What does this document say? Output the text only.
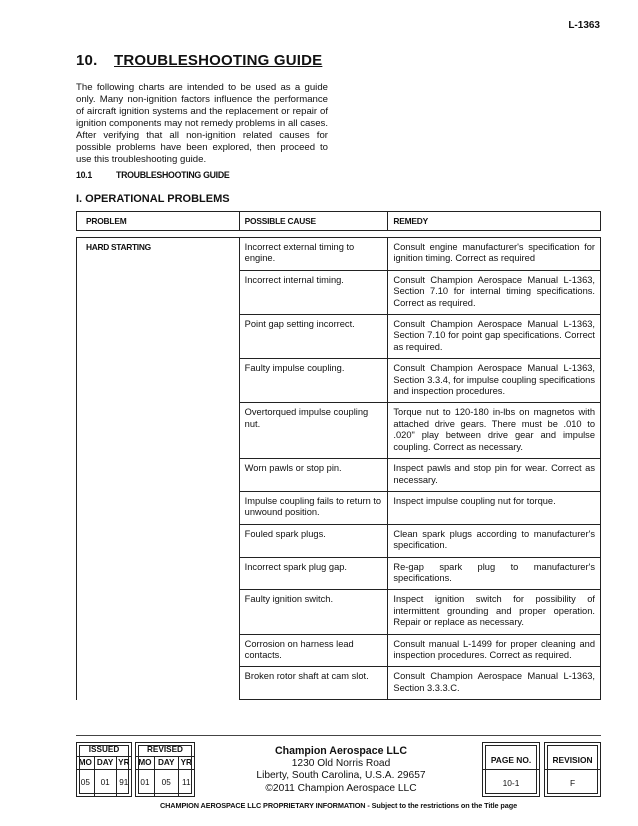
L-1363
10. TROUBLESHOOTING GUIDE

The following charts are intended to be used as a guide only. Many non-ignition factors influence the performance of aircraft ignition systems and the replacement or repair of ignition components may not remedy problems in all cases. After verifying that all non-ignition related causes for possible problems have been explored, then proceed to use this troubleshooting guide.

10.1	TROUBLESHOOTING GUIDE
I. OPERATIONAL PROBLEMS
PROBLEM	POSSIBLE CAUSE	REMEDY

HARD STARTING	Incorrect external timing to engine.	Consult engine manufacturer's specification for ignition timing. Correct as required
	Incorrect internal timing.	Consult Champion Aerospace Manual L-1363, Section 7.10 for internal timing specifications. Correct as required.
	Point gap setting incorrect.	Consult Champion Aerospace Manual L-1363, Section 7.10 for point gap specifications. Correct as required.
	Faulty impulse coupling.	Consult Champion Aerospace Manual L-1363, Section 3.3.4, for impulse coupling specifications and inspection procedures.
	Overtorqued impulse coupling nut.	Torque nut to 120-180 in-lbs on magnetos with attached drive gears. There must be .010 to .020" play between drive gear and impulse coupling. Correct as necessary.
	Worn pawls or stop pin.	Inspect pawls and stop pin for wear. Correct as necessary.
	Impulse coupling fails to return to unwound position.	Inspect impulse coupling nut for torque.
	Fouled spark plugs.	Clean spark plugs according to manufacturer's specification.
	Incorrect spark plug gap.	Re-gap spark plug to manufacturer's specifications.
	Faulty ignition switch.	Inspect ignition switch for possibility of intermittent grounding and proper operation. Repair or replace as necessary.
	Corrosion on harness lead contacts.	Consult manual L-1499 for proper cleaning and inspection procedures. Correct as required.
	Broken rotor shaft at cam slot.	Consult Champion Aerospace Manual L-1363, Section 3.3.3.C.
ISSUED		
MO	DAY	YR
05	01	91
REVISED		
MO	DAY	YR
01	05	11
Champion Aerospace LLC
1230 Old Norris Road
Liberty, South Carolina, U.S.A. 29657
©2011 Champion Aerospace LLC
PAGE NO.
10-1
REVISION
F
CHAMPION AEROSPACE LLC PROPRIETARY INFORMATION - Subject to the restrictions on the Title page
